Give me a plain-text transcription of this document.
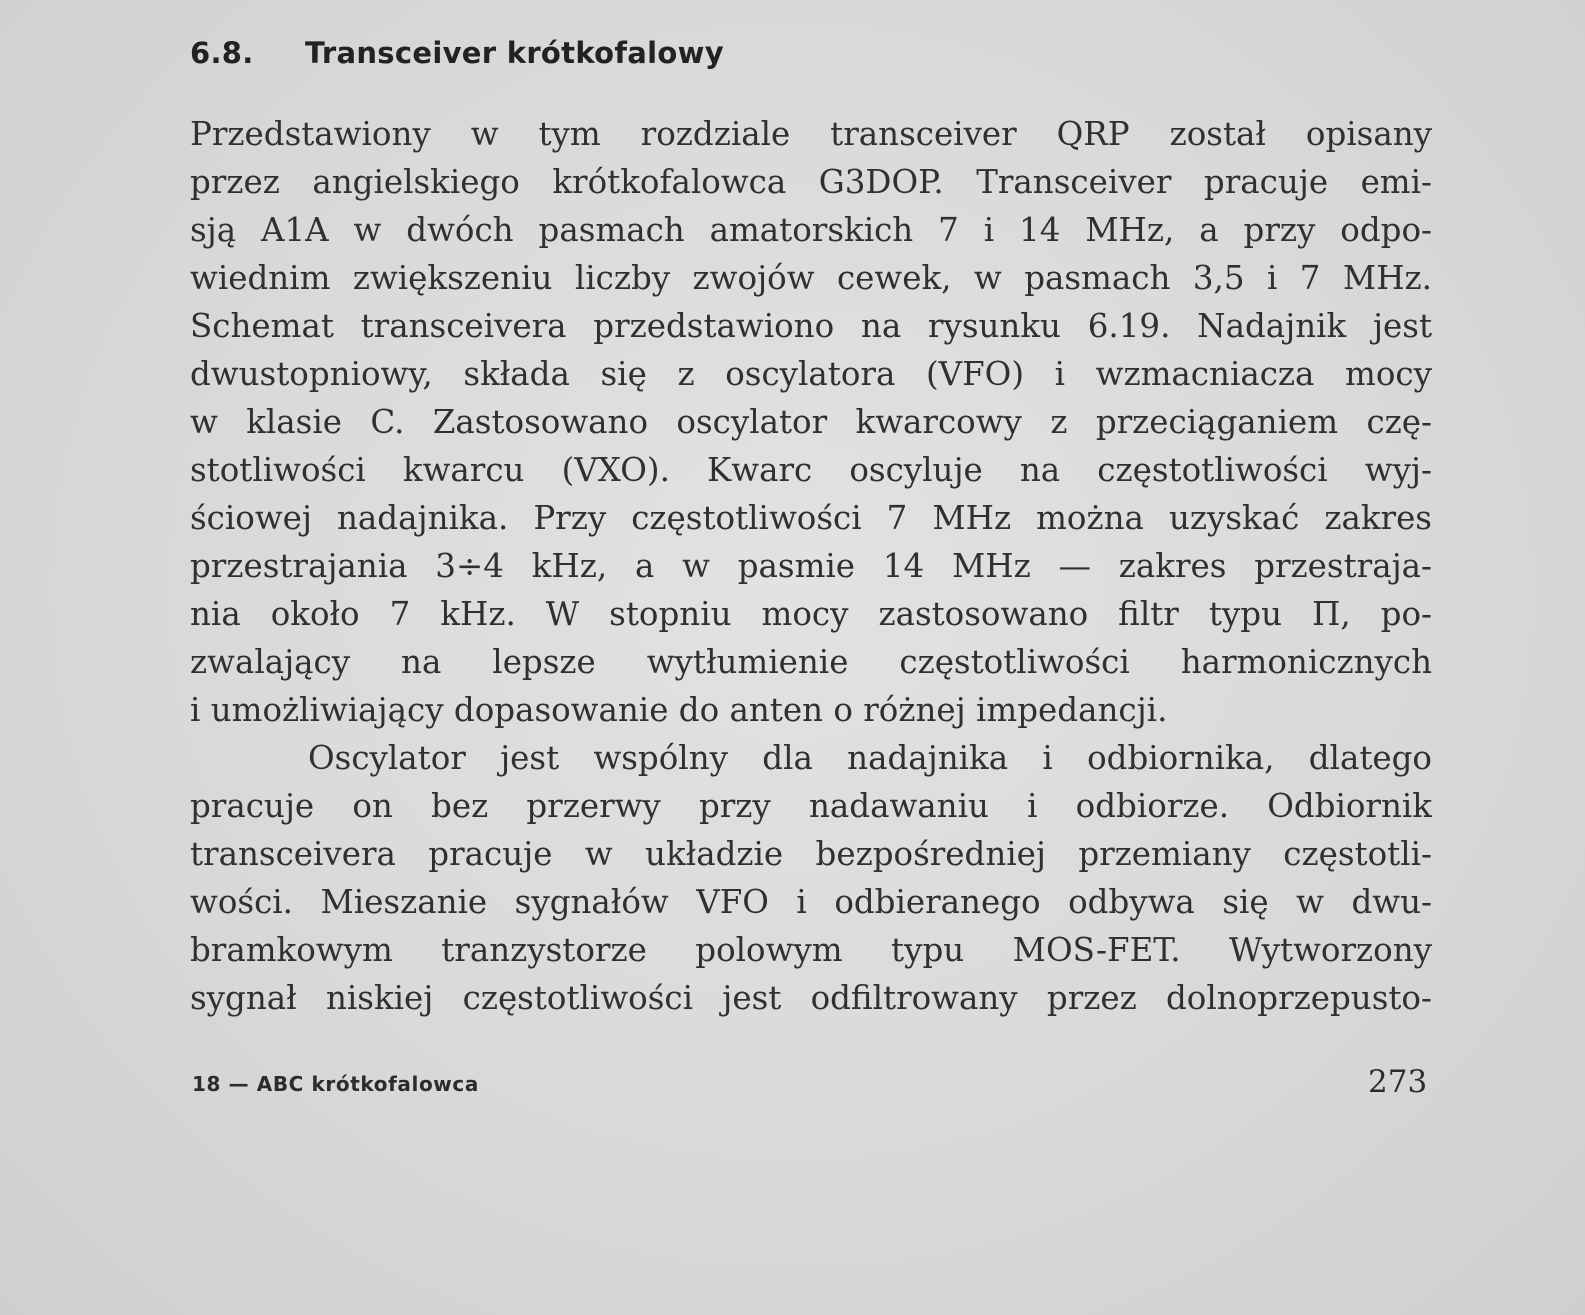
6.8. Transceiver krótkofalowy
Przedstawiony w tym rozdziale transceiver QRP został opisany
przez angielskiego krótkofalowca G3DOP. Transceiver pracuje emi-
sją A1A w dwóch pasmach amatorskich 7 i 14 MHz, a przy odpo-
wiednim zwiększeniu liczby zwojów cewek, w pasmach 3,5 i 7 MHz.
Schemat transceivera przedstawiono na rysunku 6.19. Nadajnik jest
dwustopniowy, składa się z oscylatora (VFO) i wzmacniacza mocy
w klasie C. Zastosowano oscylator kwarcowy z przeciąganiem czę-
stotliwości kwarcu (VXO). Kwarc oscyluje na częstotliwości wyj-
ściowej nadajnika. Przy częstotliwości 7 MHz można uzyskać zakres
przestrajania 3÷4 kHz, a w pasmie 14 MHz — zakres przestraja-
nia około 7 kHz. W stopniu mocy zastosowano filtr typu Π, po-
zwalający na lepsze wytłumienie częstotliwości harmonicznych
i umożliwiający dopasowanie do anten o różnej impedancji.
Oscylator jest wspólny dla nadajnika i odbiornika, dlatego
pracuje on bez przerwy przy nadawaniu i odbiorze. Odbiornik
transceivera pracuje w układzie bezpośredniej przemiany częstotli-
wości. Mieszanie sygnałów VFO i odbieranego odbywa się w dwu-
bramkowym tranzystorze polowym typu MOS-FET. Wytworzony
sygnał niskiej częstotliwości jest odfiltrowany przez dolnoprzepusto-
18 — ABC krótkofalowca	273
